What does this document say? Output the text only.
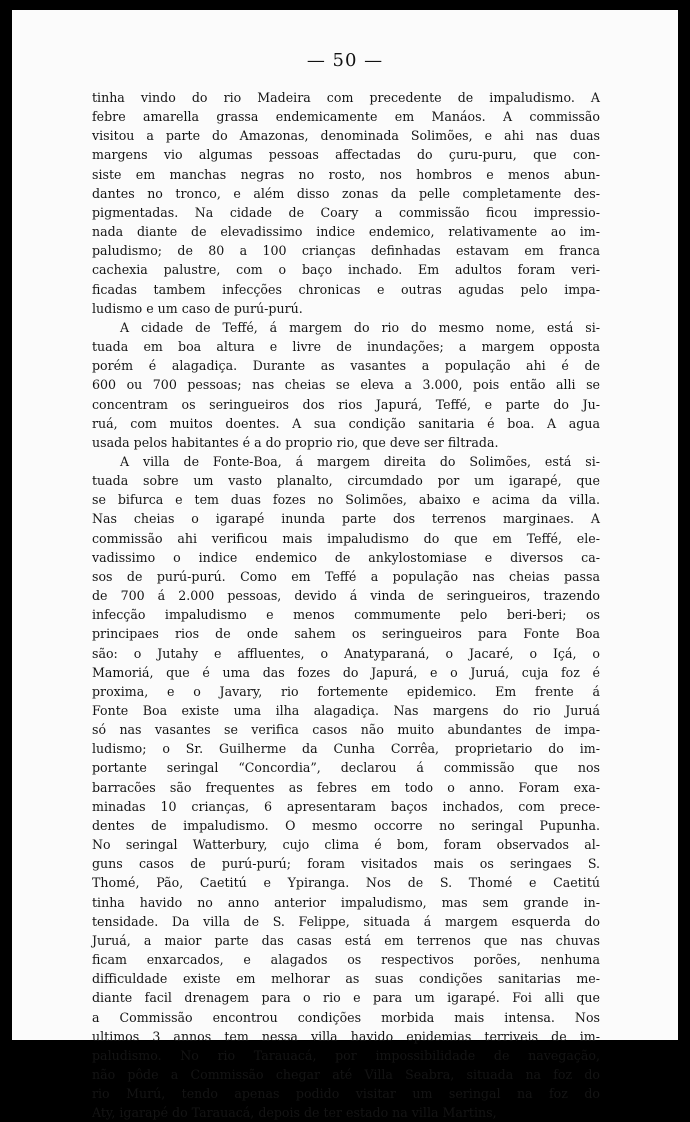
— 50 —
tinha vindo do rio Madeira com precedente de impaludismo. A
febre amarella grassa endemicamente em Manáos. A commissão
visitou a parte do Amazonas, denominada Solimões, e ahi nas duas
margens vio algumas pessoas affectadas do çuru-puru, que con-
siste em manchas negras no rosto, nos hombros e menos abun-
dantes no tronco, e além disso zonas da pelle completamente des-
pigmentadas. Na cidade de Coary a commissão ficou impressio-
nada diante de elevadissimo indice endemico, relativamente ao im-
paludismo; de 80 a 100 crianças definhadas estavam em franca
cachexia palustre, com o baço inchado. Em adultos foram veri-
ficadas tambem infecções chronicas e outras agudas pelo impa-
ludismo e um caso de purú-purú.
A cidade de Teffé, á margem do rio do mesmo nome, está si-
tuada em boa altura e livre de inundações; a margem opposta
porém é alagadiça. Durante as vasantes a população ahi é de
600 ou 700 pessoas; nas cheias se eleva a 3.000, pois então alli se
concentram os seringueiros dos rios Japurá, Teffé, e parte do Ju-
ruá, com muitos doentes. A sua condição sanitaria é boa. A agua
usada pelos habitantes é a do proprio rio, que deve ser filtrada.
A villa de Fonte-Boa, á margem direita do Solimões, está si-
tuada sobre um vasto planalto, circumdado por um igarapé, que
se bifurca e tem duas fozes no Solimões, abaixo e acima da villa.
Nas cheias o igarapé inunda parte dos terrenos marginaes. A
commissão ahi verificou mais impaludismo do que em Teffé, ele-
vadissimo o indice endemico de ankylostomiase e diversos ca-
sos de purú-purú. Como em Teffé a população nas cheias passa
de 700 á 2.000 pessoas, devido á vinda de seringueiros, trazendo
infecção impaludismo e menos commumente pelo beri-beri; os
principaes rios de onde sahem os seringueiros para Fonte Boa
são: o Jutahy e affluentes, o Anatyparaná, o Jacaré, o Içá, o
Mamoriá, que é uma das fozes do Japurá, e o Juruá, cuja foz é
proxima, e o Javary, rio fortemente epidemico. Em frente á
Fonte Boa existe uma ilha alagadiça. Nas margens do rio Juruá
só nas vasantes se verifica casos não muito abundantes de impa-
ludismo; o Sr. Guilherme da Cunha Corrêa, proprietario do im-
portante seringal “Concordia”, declarou á commissão que nos
barracões são frequentes as febres em todo o anno. Foram exa-
minadas 10 crianças, 6 apresentaram baços inchados, com prece-
dentes de impaludismo. O mesmo occorre no seringal Pupunha.
No seringal Watterbury, cujo clima é bom, foram observados al-
guns casos de purú-purú; foram visitados mais os seringaes S.
Thomé, Pão, Caetitú e Ypiranga. Nos de S. Thomé e Caetitú
tinha havido no anno anterior impaludismo, mas sem grande in-
tensidade. Da villa de S. Felippe, situada á margem esquerda do
Juruá, a maior parte das casas está em terrenos que nas chuvas
ficam enxarcados, e alagados os respectivos porões, nenhuma
difficuldade existe em melhorar as suas condições sanitarias me-
diante facil drenagem para o rio e para um igarapé. Foi alli que
a Commissão encontrou condições morbida mais intensa. Nos
ultimos 3 annos tem nessa villa havido epidemias terriveis de im-
paludismo. No rio Tarauacá, por impossibilidade de navegação,
não pôde a Commissão chegar até Villa Seabra, situada na foz do
rio Murú, tendo apenas podido visitar um seringal na foz do
Aty, igarapé do Tarauacá, depois de ter estado na villa Martins,
